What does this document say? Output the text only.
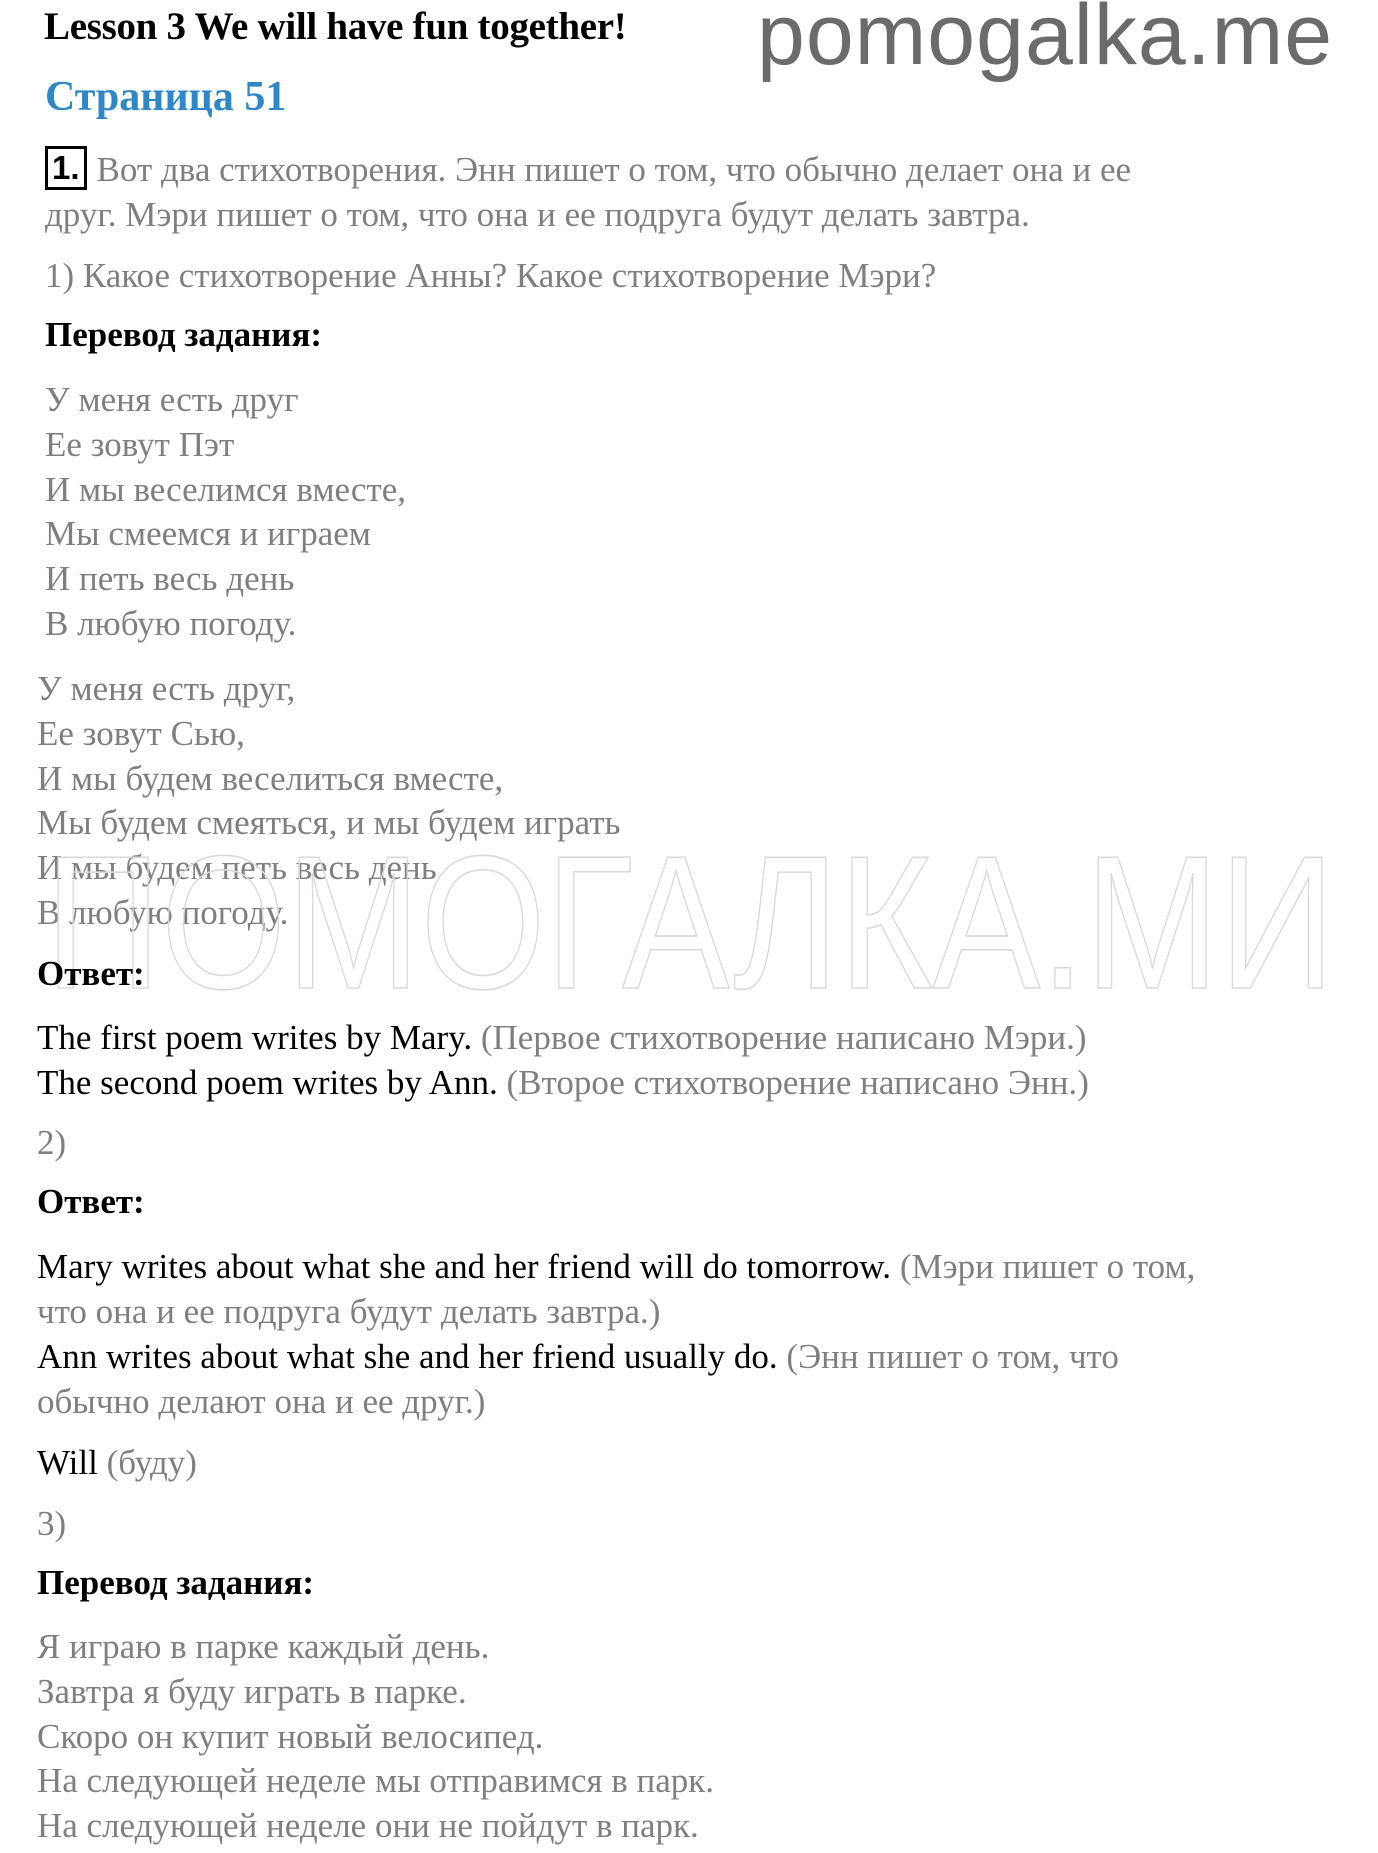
Lesson 3 We will have fun together! pomogalka.me
Страница 51
1. Вот два стихотворения. Энн пишет о том, что обычно делает она и ее
друг. Мэри пишет о том, что она и ее подруга будут делать завтра.
1) Какое стихотворение Анны? Какое стихотворение Мэри?
Перевод задания:
У меня есть друг
Ее зовут Пэт
И мы веселимся вместе,
Мы смеемся и играем
И петь весь день
В любую погоду.
У меня есть друг,
Ее зовут Сью,
И мы будем веселиться вместе,
Мы будем смеяться, и мы будем играть
И мы будем петь весь день
В любую погоду.
ПОМОГАЛКА.МИ
Ответ:
The first poem writes by Mary. (Первое стихотворение написано Мэри.)
The second poem writes by Ann. (Второе стихотворение написано Энн.)
2)
Ответ:
Mary writes about what she and her friend will do tomorrow. (Мэри пишет о том,
что она и ее подруга будут делать завтра.)
Ann writes about what she and her friend usually do. (Энн пишет о том, что
обычно делают она и ее друг.)
Will (буду)
3)
Перевод задания:
Я играю в парке каждый день.
Завтра я буду играть в парке.
Скоро он купит новый велосипед.
На следующей неделе мы отправимся в парк.
На следующей неделе они не пойдут в парк.
